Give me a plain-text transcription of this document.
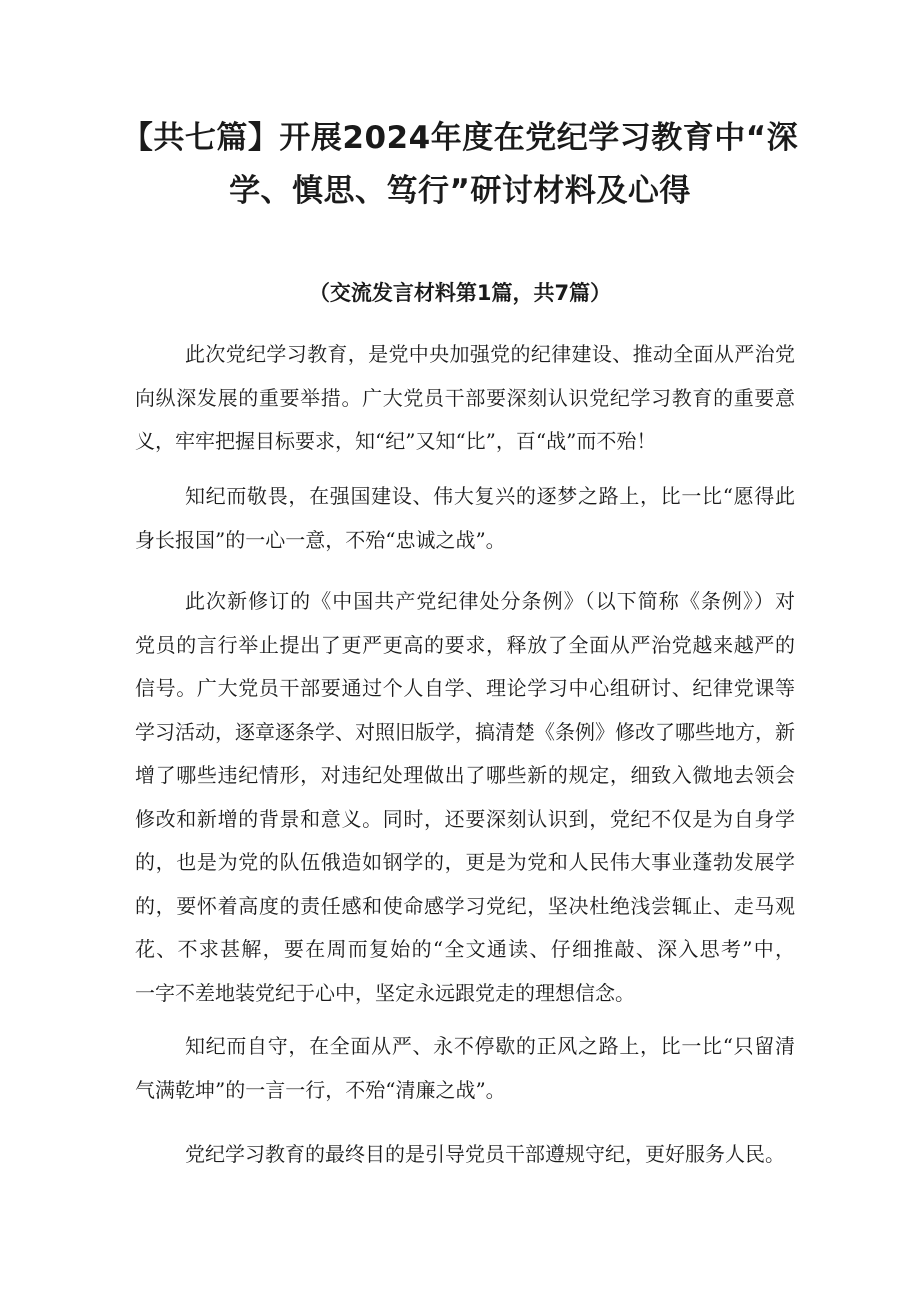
【共七篇】开展2024年度在党纪学习教育中“深
学、慎思、笃行”研讨材料及心得
（交流发言材料第1篇，共7篇）
此次党纪学习教育，是党中央加强党的纪律建设、推动全面从严治党
向纵深发展的重要举措。广大党员干部要深刻认识党纪学习教育的重要意
义，牢牢把握目标要求，知“纪”又知“比”，百“战”而不殆！
知纪而敬畏，在强国建设、伟大复兴的逐梦之路上，比一比“愿得此
身长报国”的一心一意，不殆“忠诚之战”。
此次新修订的《中国共产党纪律处分条例》（以下简称《条例》）对
党员的言行举止提出了更严更高的要求，释放了全面从严治党越来越严的
信号。广大党员干部要通过个人自学、理论学习中心组研讨、纪律党课等
学习活动，逐章逐条学、对照旧版学，搞清楚《条例》修改了哪些地方，新
增了哪些违纪情形，对违纪处理做出了哪些新的规定，细致入微地去领会
修改和新增的背景和意义。同时，还要深刻认识到，党纪不仅是为自身学
的，也是为党的队伍俄造如钢学的，更是为党和人民伟大事业蓬勃发展学
的，要怀着高度的责任感和使命感学习党纪，坚决杜绝浅尝辄止、走马观
花、不求甚解，要在周而复始的“全文通读、仔细推敲、深入思考”中，
一字不差地装党纪于心中，坚定永远跟党走的理想信念。
知纪而自守，在全面从严、永不停歇的正风之路上，比一比“只留清
气满乾坤”的一言一行，不殆“清廉之战”。
党纪学习教育的最终目的是引导党员干部遵规守纪，更好服务人民。
